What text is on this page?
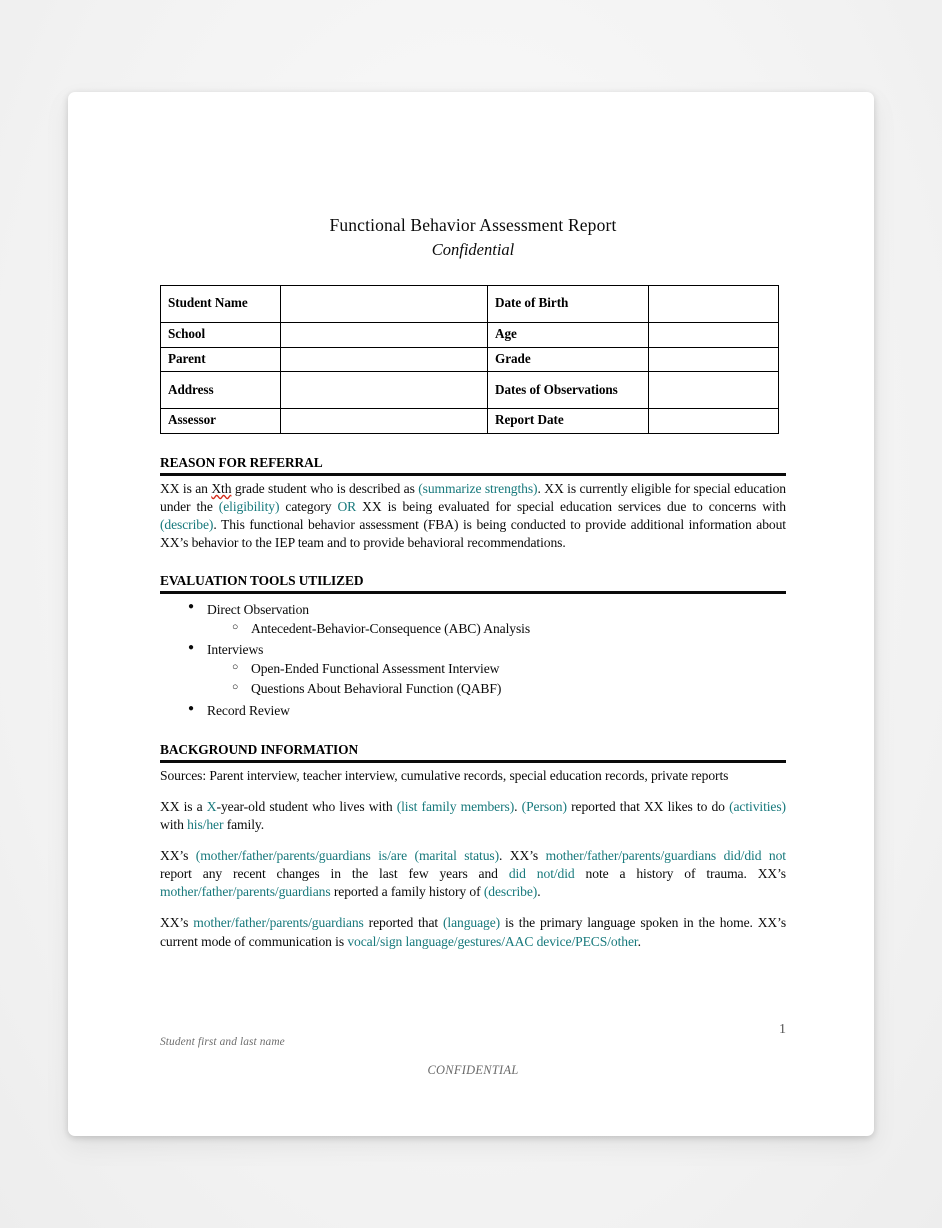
Functional Behavior Assessment Report
Confidential
Student Name		Date of Birth	
School		Age	
Parent		Grade	
Address		Dates of Observations	
Assessor		Report Date	
REASON FOR REFERRAL

XX is an Xth grade student who is described as (summarize strengths). XX is currently eligible for special education under the (eligibility) category OR XX is being evaluated for special education services due to concerns with (describe). This functional behavior assessment (FBA) is being conducted to provide additional information about XX’s behavior to the IEP team and to provide behavioral recommendations.

EVALUATION TOOLS UTILIZED
● Direct Observation
○ Antecedent-Behavior-Consequence (ABC) Analysis
● Interviews
○ Open-Ended Functional Assessment Interview
○ Questions About Behavioral Function (QABF)
● Record Review
BACKGROUND INFORMATION

Sources: Parent interview, teacher interview, cumulative records, special education records, private reports

XX is a X-year-old student who lives with (list family members). (Person) reported that XX likes to do (activities) with his/her family.

XX’s (mother/father/parents/guardians is/are (marital status). XX’s mother/father/parents/guardians did/did not report any recent changes in the last few years and did not/did note a history of trauma. XX’s mother/father/parents/guardians reported a family history of (describe).

XX’s mother/father/parents/guardians reported that (language) is the primary language spoken in the home. XX’s current mode of communication is vocal/sign language/gestures/AAC device/PECS/other.

1
Student first and last name
CONFIDENTIAL
